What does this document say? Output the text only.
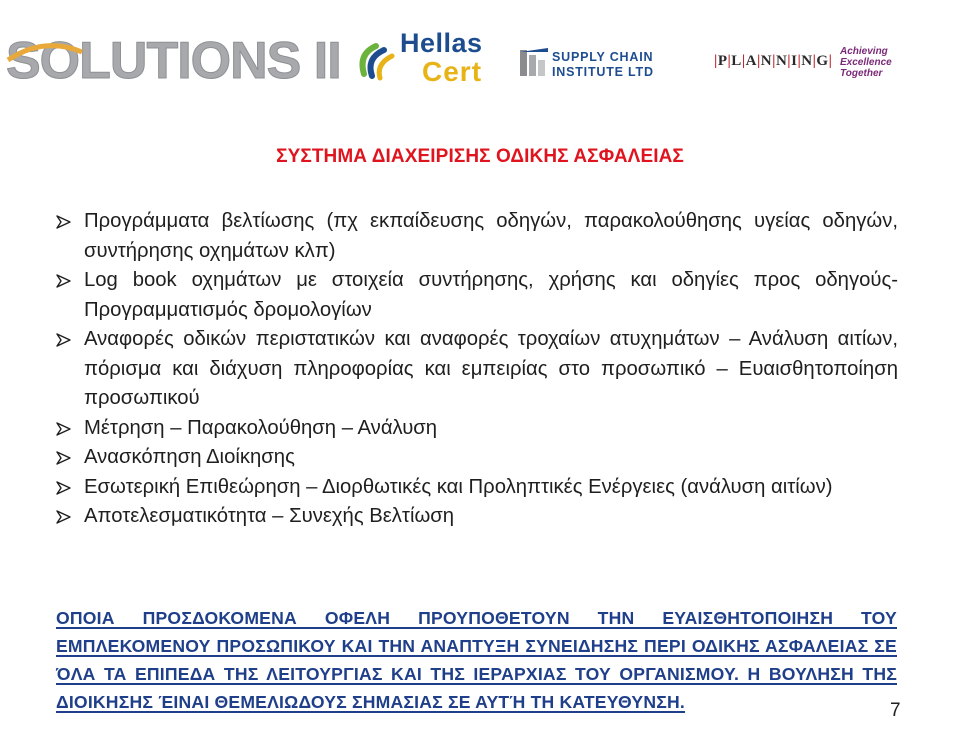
SOLUTIONS II Hellas
Cert	SUPPLY CHAIN
INSTITUTE LTD
|P|L|A|N|N|I|N|G|
Achieving
Excellence
Together
ΣΥΣΤΗΜΑ ΔΙΑΧΕΙΡΙΣΗΣ ΟΔΙΚΗΣ ΑΣΦΑΛΕΙΑΣ
Προγράμματα βελτίωσης (πχ εκπαίδευσης οδηγών, παρακολούθησης υγείας οδηγών, συντήρησης οχημάτων κλπ)
Log book οχημάτων με στοιχεία συντήρησης, χρήσης και οδηγίες προς οδηγούς- Προγραμματισμός δρομολογίων
Αναφορές οδικών περιστατικών και αναφορές τροχαίων ατυχημάτων – Ανάλυση αιτίων, πόρισμα και διάχυση πληροφορίας και εμπειρίας στο προσωπικό – Ευαισθητοποίηση προσωπικού
Μέτρηση – Παρακολούθηση – Ανάλυση
Ανασκόπηση Διοίκησης
Εσωτερική Επιθεώρηση – Διορθωτικές και Προληπτικές Ενέργειες (ανάλυση αιτίων)
Αποτελεσματικότητα – Συνεχής Βελτίωση

ΟΠΟΙΑ ΠΡΟΣΔΟΚΟΜΕΝΑ ΟΦΕΛΗ ΠΡΟΥΠΟΘΕΤΟΥΝ ΤΗΝ ΕΥΑΙΣΘΗΤΟΠΟΙΗΣΗ ΤΟΥ ΕΜΠΛΕΚΟΜΕΝΟΥ ΠΡΟΣΩΠΙΚΟΥ ΚΑΙ ΤΗΝ ΑΝΑΠΤΥΞΗ ΣΥΝΕΙΔΗΣΗΣ ΠΕΡΙ ΟΔΙΚΗΣ ΑΣΦΑΛΕΙΑΣ ΣΕ ΌΛΑ ΤΑ ΕΠΙΠΕΔΑ ΤΗΣ ΛΕΙΤΟΥΡΓΙΑΣ ΚΑΙ ΤΗΣ ΙΕΡΑΡΧΙΑΣ ΤΟΥ ΟΡΓΑΝΙΣΜΟΥ. Η ΒΟΥΛΗΣΗ ΤΗΣ ΔΙΟΙΚΗΣΗΣ ΈΙΝΑΙ ΘΕΜΕΛΙΩΔΟΥΣ ΣΗΜΑΣΙΑΣ ΣΕ ΑΥΤΉ ΤΗ ΚΑΤΕΥΘΥΝΣΗ.	7
